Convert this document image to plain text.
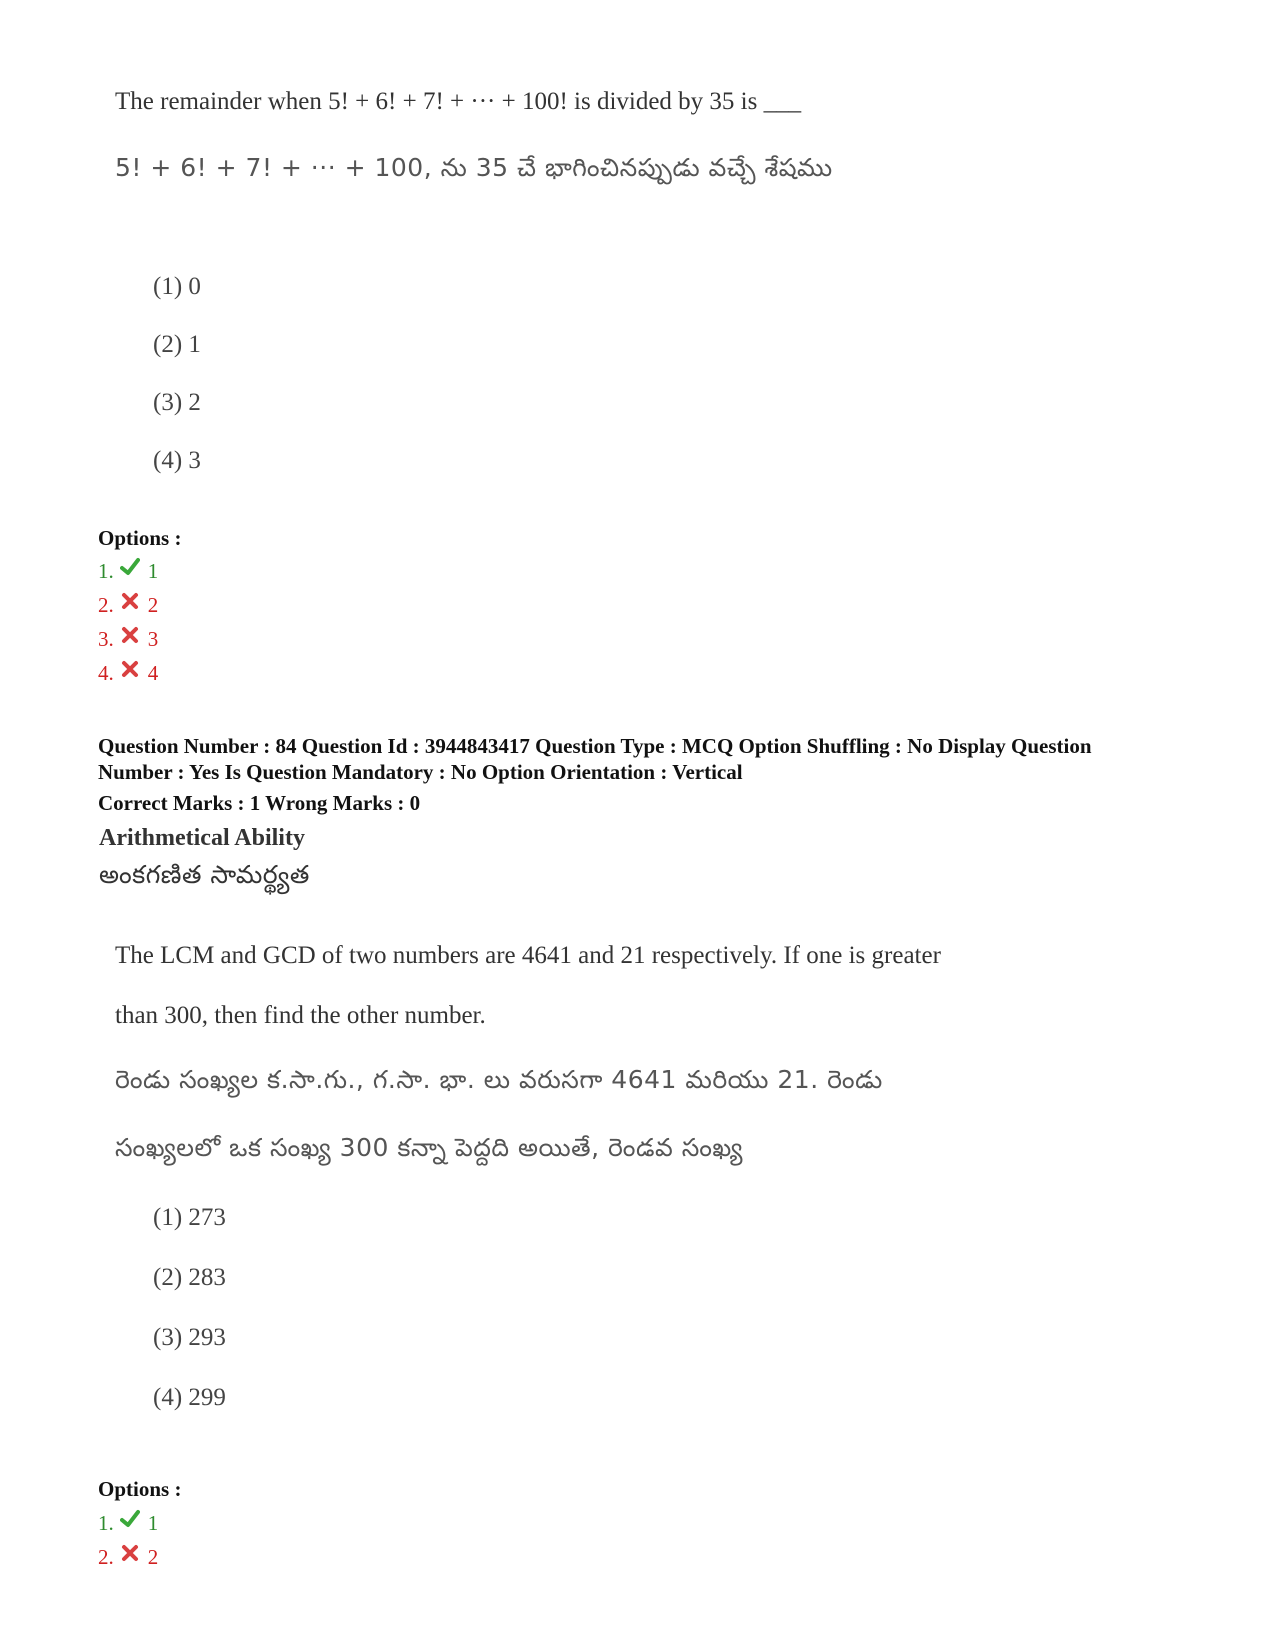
The remainder when 5! + 6! + 7! + ··· + 100! is divided by 35 is ___
5! + 6! + 7! + ··· + 100, ను 35 చే భాగించినప్పుడు వచ్చే శేషము
(1) 0
(2) 1
(3) 2
(4) 3
Options :
1. 1
2. 2
3. 3
4. 4
Question Number : 84 Question Id : 3944843417 Question Type : MCQ Option Shuffling : No Display Question
Number : Yes Is Question Mandatory : No Option Orientation : Vertical
Correct Marks : 1 Wrong Marks : 0
Arithmetical Ability
అంకగణిత సామర్థ్యత
The LCM and GCD of two numbers are 4641 and 21 respectively. If one is greater
than 300, then find the other number.
రెండు సంఖ్యల క.సా.గు., గ.సా. భా. లు వరుసగా 4641 మరియు 21. రెండు
సంఖ్యలలో ఒక సంఖ్య 300 కన్నా పెద్దది అయితే, రెండవ సంఖ్య
(1) 273
(2) 283
(3) 293
(4) 299
Options :
1. 1
2. 2
